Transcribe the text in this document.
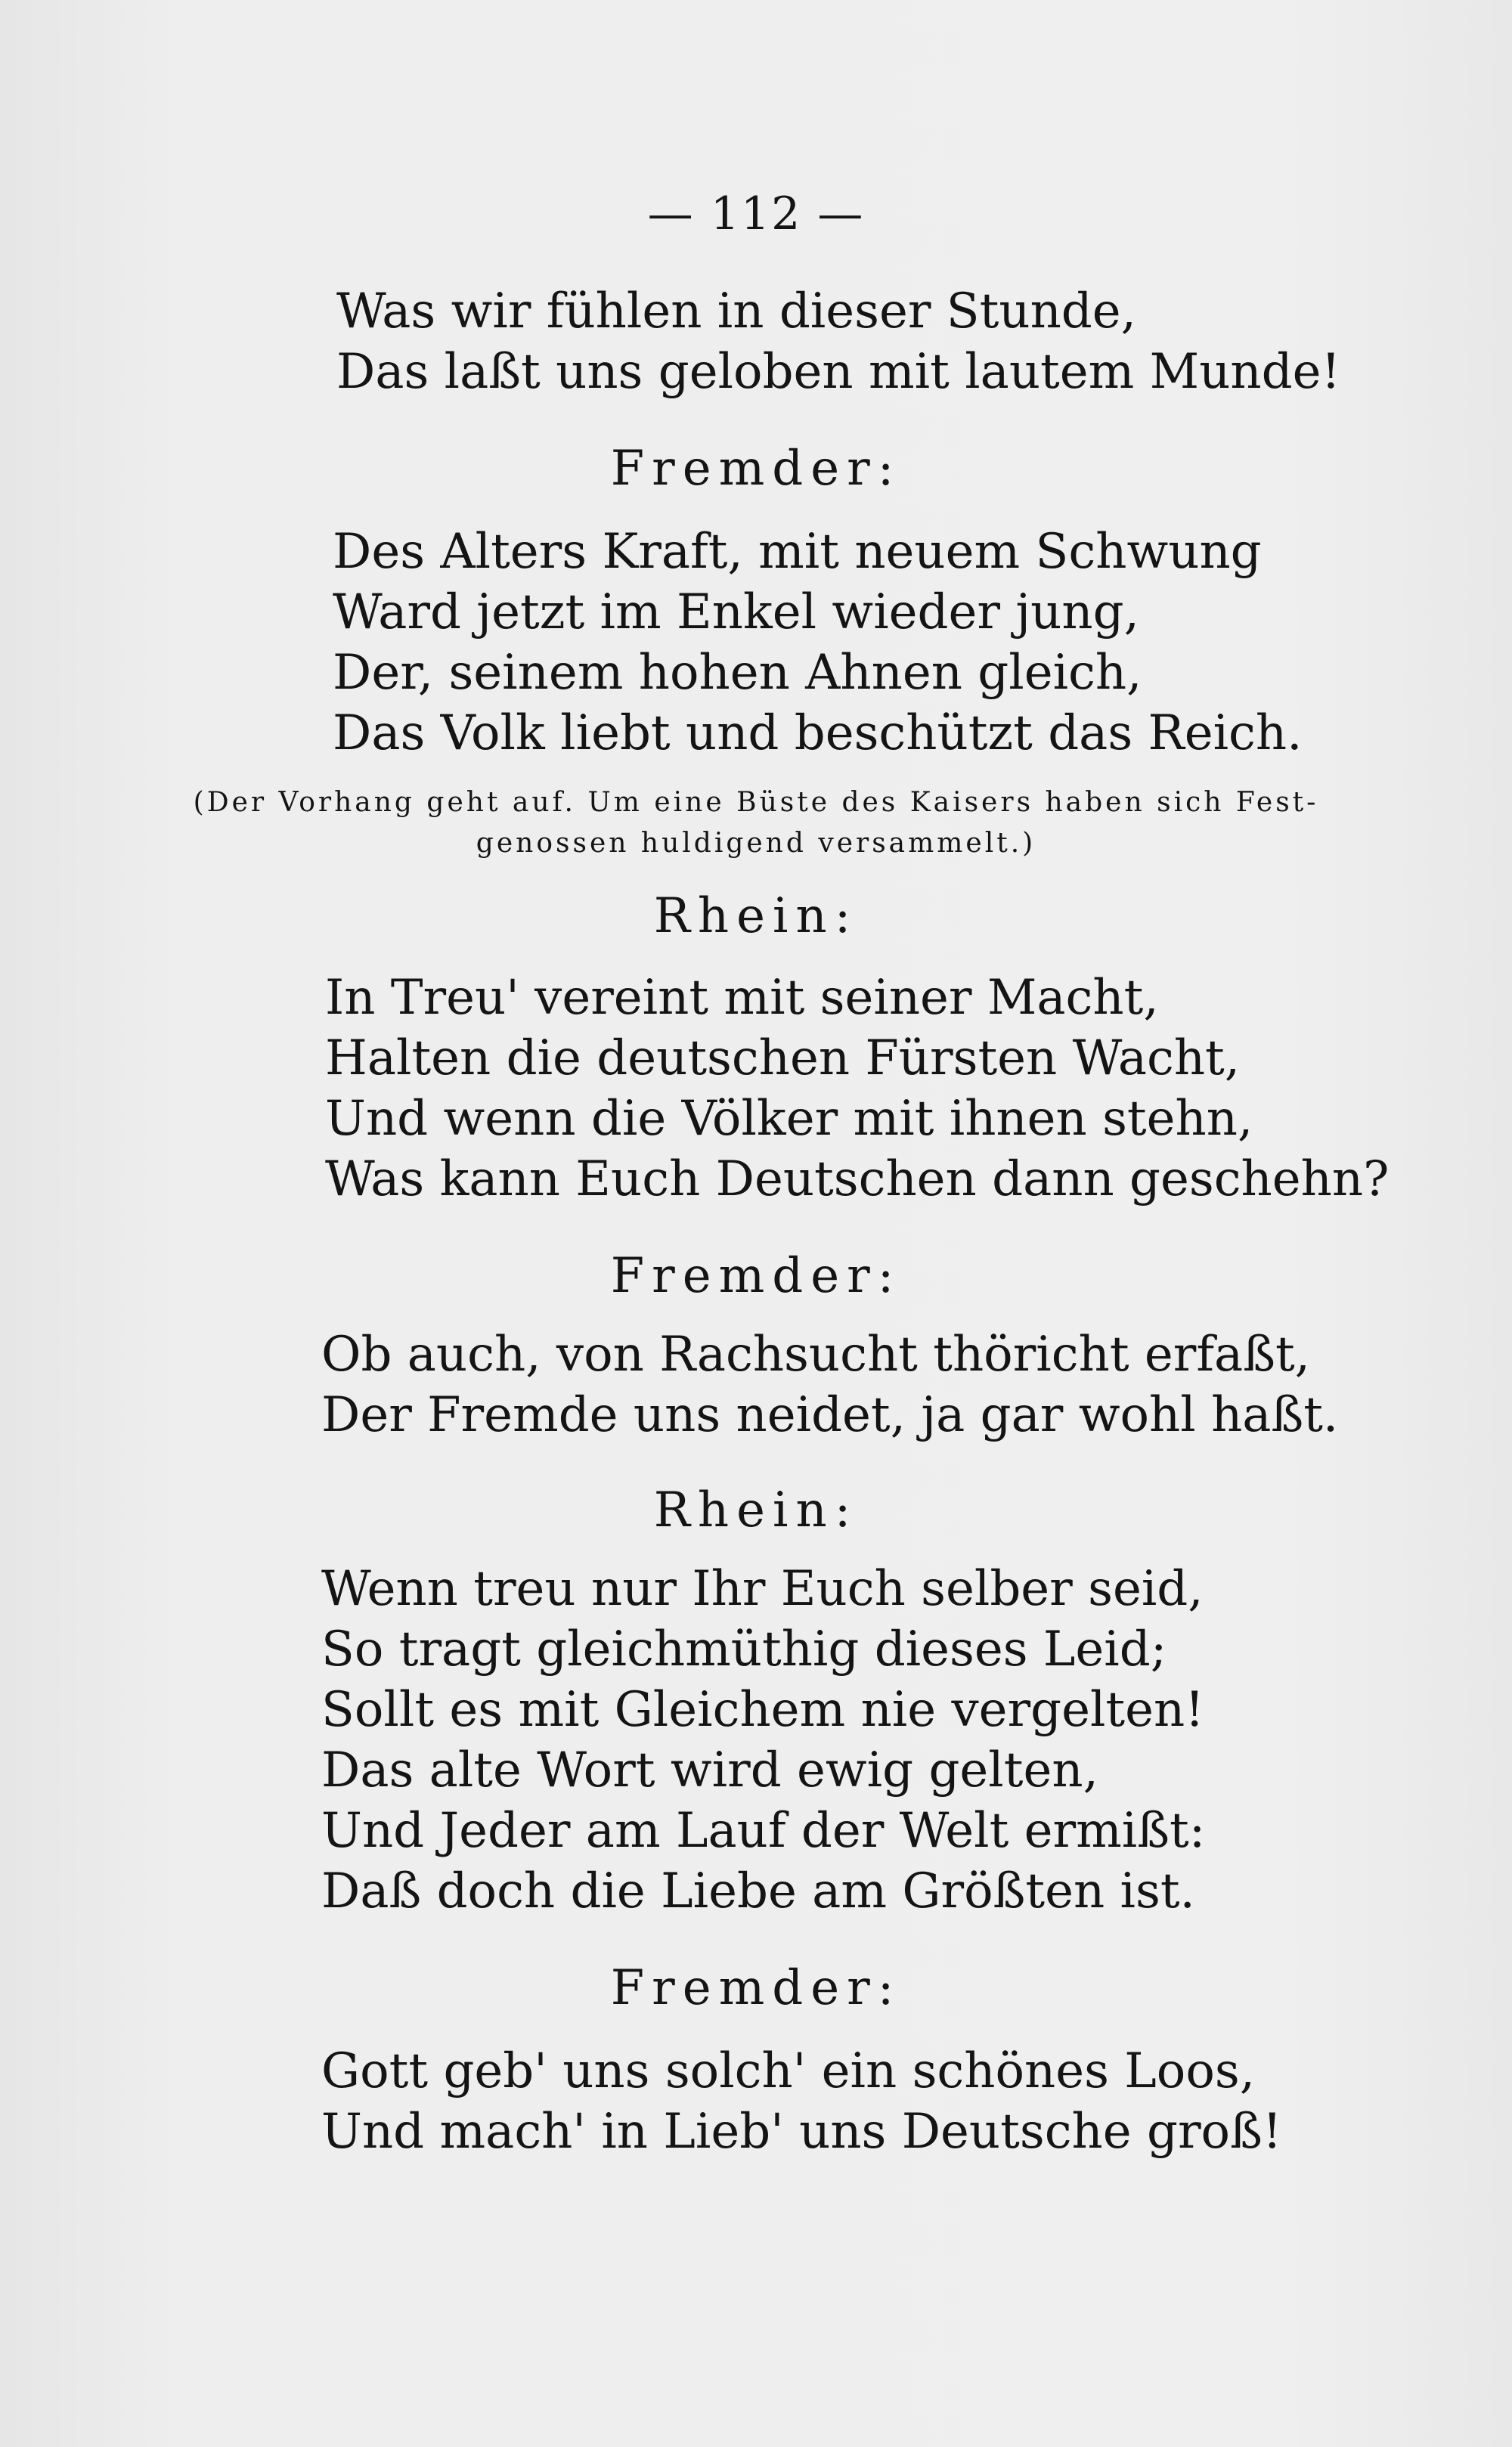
— 112 —
Was wir fühlen in dieser Stunde,
Das laßt uns geloben mit lautem Munde!
Fremder:
Des Alters Kraft, mit neuem Schwung
Ward jetzt im Enkel wieder jung,
Der, seinem hohen Ahnen gleich,
Das Volk liebt und beschützt das Reich.
(Der Vorhang geht auf. Um eine Büste des Kaisers haben sich Fest-
genossen huldigend versammelt.)
Rhein:
In Treu' vereint mit seiner Macht,
Halten die deutschen Fürsten Wacht,
Und wenn die Völker mit ihnen stehn,
Was kann Euch Deutschen dann geschehn?
Fremder:
Ob auch, von Rachsucht thöricht erfaßt,
Der Fremde uns neidet, ja gar wohl haßt.
Rhein:
Wenn treu nur Ihr Euch selber seid,
So tragt gleichmüthig dieses Leid;
Sollt es mit Gleichem nie vergelten!
Das alte Wort wird ewig gelten,
Und Jeder am Lauf der Welt ermißt:
Daß doch die Liebe am Größten ist.
Fremder:
Gott geb' uns solch' ein schönes Loos,
Und mach' in Lieb' uns Deutsche groß!
